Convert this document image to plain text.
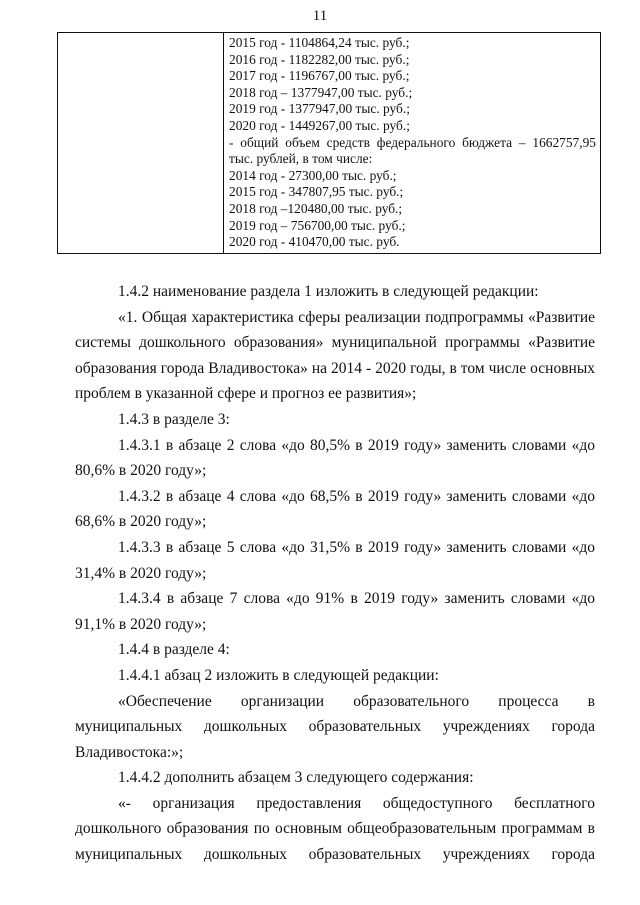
11

2015 год - 1104864,24 тыс. руб.;
2016 год - 1182282,00 тыс. руб.;
2017 год - 1196767,00 тыс. руб.;
2018 год – 1377947,00 тыс. руб.;
2019 год - 1377947,00 тыс. руб.;
2020 год - 1449267,00 тыс. руб.;
- общий объем средств федерального бюджета – 1662757,95 тыс. рублей, в том числе:
2014 год - 27300,00 тыс. руб.;
2015 год - 347807,95 тыс. руб.;
2018 год –120480,00 тыс. руб.;
2019 год – 756700,00 тыс. руб.;
2020 год - 410470,00 тыс. руб.

1.4.2 наименование раздела 1 изложить в следующей редакции:

«1. Общая характеристика сферы реализации подпрограммы «Развитие системы дошкольного образования» муниципальной программы «Развитие образования города Владивостока» на 2014 - 2020 годы, в том числе основных проблем в указанной сфере и прогноз ее развития»;

1.4.3 в разделе 3:

1.4.3.1 в абзаце 2 слова «до 80,5% в 2019 году» заменить словами «до 80,6% в 2020 году»;

1.4.3.2 в абзаце 4 слова «до 68,5% в 2019 году» заменить словами «до 68,6% в 2020 году»;

1.4.3.3 в абзаце 5 слова «до 31,5% в 2019 году» заменить словами «до 31,4% в 2020 году»;

1.4.3.4 в абзаце 7 слова «до 91% в 2019 году» заменить словами «до 91,1% в 2020 году»;

1.4.4 в разделе 4:

1.4.4.1 абзац 2 изложить в следующей редакции:

«Обеспечение организации образовательного процесса в муниципальных дошкольных образовательных учреждениях города Владивостока:»;

1.4.4.2 дополнить абзацем 3 следующего содержания:

«- организация предоставления общедоступного бесплатного дошкольного образования по основным общеобразовательным программам в муниципальных дошкольных образовательных учреждениях города
